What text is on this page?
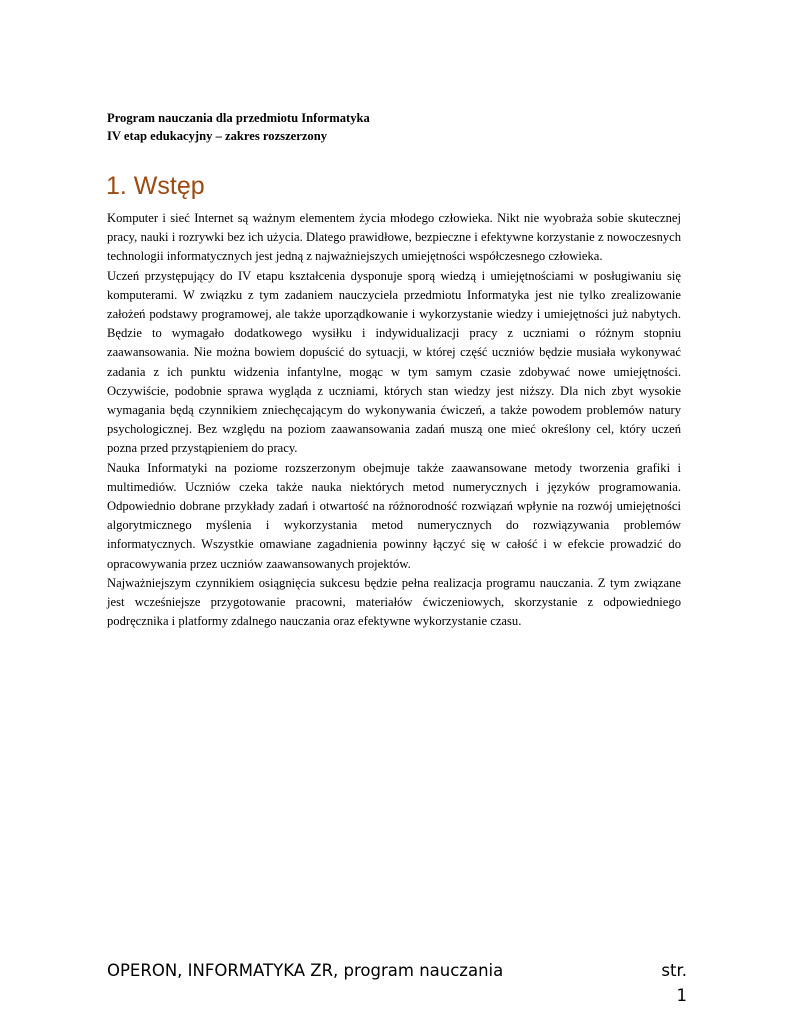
Program nauczania dla przedmiotu Informatyka
IV etap edukacyjny – zakres rozszerzony
1. Wstęp

Komputer i sieć Internet są ważnym elementem życia młodego człowieka. Nikt nie wyobraża sobie skutecznej pracy, nauki i rozrywki bez ich użycia. Dlatego prawidłowe, bezpieczne i efektywne korzystanie z nowoczesnych technologii informatycznych jest jedną z najważniejszych umiejętności współczesnego człowieka.

Uczeń przystępujący do IV etapu kształcenia dysponuje sporą wiedzą i umiejętnościami w posługiwaniu się komputerami. W związku z tym zadaniem nauczyciela przedmiotu Informatyka jest nie tylko zrealizowanie założeń podstawy programowej, ale także uporządkowanie i wykorzystanie wiedzy i umiejętności już nabytych. Będzie to wymagało dodatkowego wysiłku i indywidualizacji pracy z uczniami o różnym stopniu zaawansowania. Nie można bowiem dopuścić do sytuacji, w której część uczniów będzie musiała wykonywać zadania z ich punktu widzenia infantylne, mogąc w tym samym czasie zdobywać nowe umiejętności. Oczywiście, podobnie sprawa wygląda z uczniami, których stan wiedzy jest niższy. Dla nich zbyt wysokie wymagania będą czynnikiem zniechęcającym do wykonywania ćwiczeń, a także powodem problemów natury psychologicznej. Bez względu na poziom zaawansowania zadań muszą one mieć określony cel, który uczeń pozna przed przystąpieniem do pracy.

Nauka Informatyki na poziome rozszerzonym obejmuje także zaawansowane metody tworzenia grafiki i multimediów. Uczniów czeka także nauka niektórych metod numerycznych i języków programowania. Odpowiednio dobrane przykłady zadań i otwartość na różnorodność rozwiązań wpłynie na rozwój umiejętności algorytmicznego myślenia i wykorzystania metod numerycznych do rozwiązywania problemów informatycznych. Wszystkie omawiane zagadnienia powinny łączyć się w całość i w efekcie prowadzić do opracowywania przez uczniów zaawansowanych projektów.

Najważniejszym czynnikiem osiągnięcia sukcesu będzie pełna realizacja programu nauczania. Z tym związane jest wcześniejsze przygotowanie pracowni, materiałów ćwiczeniowych, skorzystanie z odpowiedniego podręcznika i platformy zdalnego nauczania oraz efektywne wykorzystanie czasu.

OPERON, INFORMATYKA ZR, program nauczania	str. 1
